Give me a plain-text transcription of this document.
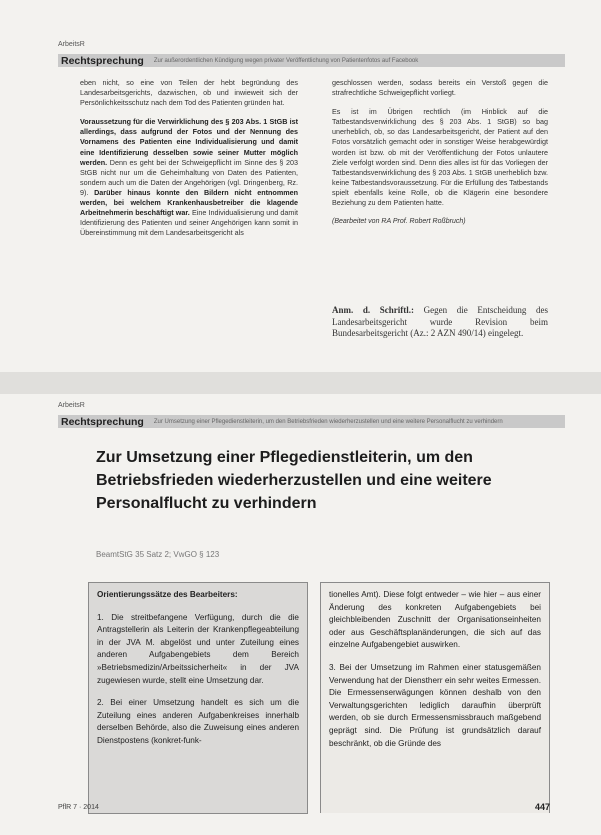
ArbeitsR
Rechtsprechung Zur außerordentlichen Kündigung wegen privater Veröffentlichung von Patientenfotos auf Facebook

eben nicht, so eine von Teilen der hebt begründung des Landesarbeitsgerichts, dazwischen, ob und inwieweit sich der Persönlichkeitsschutz nach dem Tod des Patienten gründen hat.

Voraussetzung für die Verwirklichung des § 203 Abs. 1 StGB ist allerdings, dass aufgrund der Fotos und der Nennung des Vornamens des Patienten eine Individualisierung und damit eine Identifizierung desselben sowie seiner Mutter möglich werden. Denn es geht bei der Schweigepflicht im Sinne des § 203 StGB nicht nur um die Geheimhaltung von Daten des Patienten, sondern auch um die Daten der Angehörigen (vgl. Dringenberg, Rz. 9). Darüber hinaus konnte den Bildern nicht entnommen werden, bei welchem Krankenhausbetreiber die klagende Arbeitnehmerin beschäftigt war. Eine Individualisierung und damit Identifizierung des Patienten und seiner Angehörigen kann somit in Übereinstimmung mit dem Landesarbeitsgericht als

geschlossen werden, sodass bereits ein Verstoß gegen die strafrechtliche Schweigepflicht vorliegt.

Es ist im Übrigen rechtlich (im Hinblick auf die Tatbestandsverwirklichung des § 203 Abs. 1 StGB) so bag unerheblich, ob, so das Landesarbeitsgericht, der Patient auf den Fotos vorsätzlich gemacht oder in sonstiger Weise herabgewürdigt worden ist bzw. ob mit der Veröffentlichung der Fotos unlautere Ziele verfolgt worden sind. Denn dies alles ist für das Vorliegen der Tatbestandsverwirklichung des § 203 Abs. 1 StGB unerheblich bzw. keine Tatbestandsvoraussetzung. Für die Erfüllung des Tatbestands spielt ebenfalls keine Rolle, ob die Klägerin eine besondere Beziehung zu dem Patienten hatte.

(Bearbeitet von RA Prof. Robert Roßbruch)

Anm. d. Schriftl.: Gegen die Entscheidung des Landesarbeitsgericht wurde Revision beim Bundesarbeitsgericht (Az.: 2 AZN 490/14) eingelegt.
ArbeitsR
Rechtsprechung Zur Umsetzung einer Pflegedienstleiterin, um den Betriebsfrieden wiederherzustellen und eine weitere Personalflucht zu verhindern
Zur Umsetzung einer Pflegedienstleiterin, um den
Betriebsfrieden wiederherzustellen und eine weitere
Personalflucht zu verhindern
BeamtStG 35 Satz 2; VwGO § 123

Orientierungssätze des Bearbeiters:

1. Die streitbefangene Verfügung, durch die die Antragstellerin als Leiterin der Krankenpflegeabteilung in der JVA M. abgelöst und unter Zuteilung eines anderen Aufgabengebiets dem Bereich »Betriebsmedizin/Arbeitssicherheit« in der JVA zugewiesen wurde, stellt eine Umsetzung dar.

2. Bei einer Umsetzung handelt es sich um die Zuteilung eines anderen Aufgabenkreises innerhalb derselben Behörde, also die Zuweisung eines anderen Dienstpostens (konkret-funk-

tionelles Amt). Diese folgt entweder – wie hier – aus einer Änderung des konkreten Aufgabengebiets bei gleichbleibenden Zuschnitt der Organisationseinheiten oder aus Geschäftsplanänderungen, die sich auf das einzelne Aufgabengebiet auswirken.

3. Bei der Umsetzung im Rahmen einer statusgemäßen Verwendung hat der Dienstherr ein sehr weites Ermessen. Die Ermessenserwägungen können deshalb von den Verwaltungsgerichten lediglich daraufhin überprüft werden, ob sie durch Ermessensmissbrauch maßgebend geprägt sind. Die Prüfung ist grundsätzlich darauf beschränkt, ob die Gründe des

PflR 7 · 2014	447
